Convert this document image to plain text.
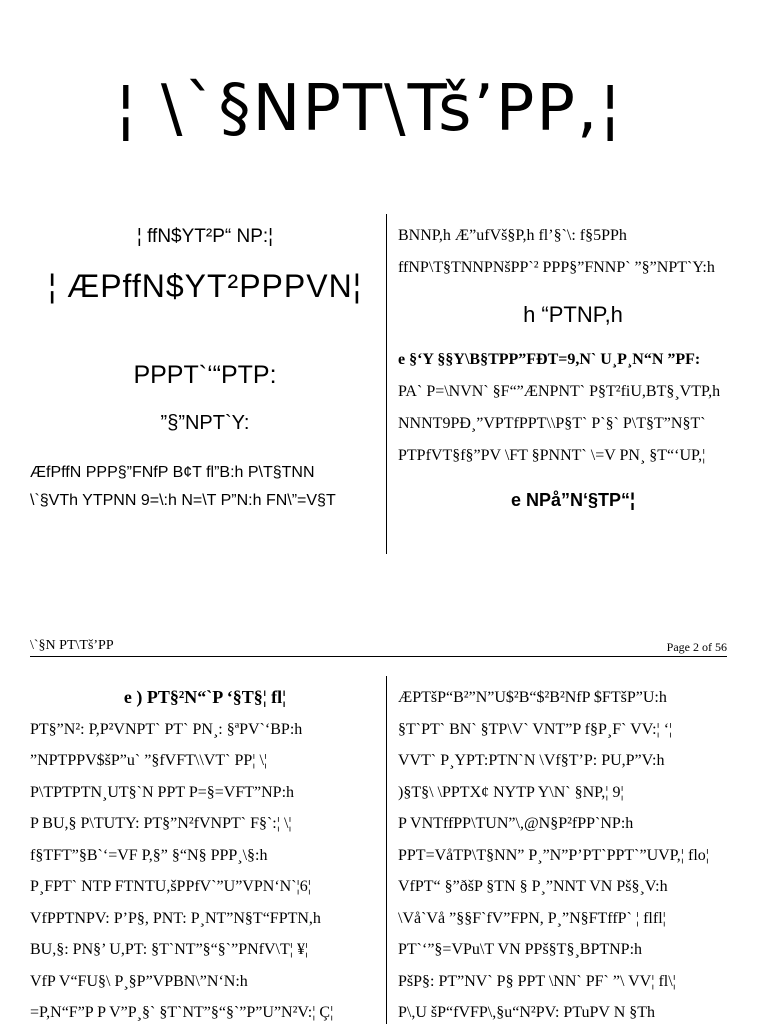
¦ \`§NPT\Tš’PP,¦
¦ ffN$YT²P“ NP:¦
¦ ÆPffN$YT²PPPVN¦
PPPT`‘“PTP:
”§”NPT`Y:
ÆfPffN PPP§”FNfP B¢T fl”B:h P\T§TNN
\`§VTh YTPNN 9=\:h N=\T P”N:h FN\”=V§T
BNNP,h Æ”ufVš§P,h fl’§`\: f§5PPh
ffNP\T§TNNPNšPP`² PPP§”FNNP` ”§”NPT`Y:h
h “PTNP,h
e §‘Y §§Y\B§TPP”FÐT=9,N` U¸P¸N“N ”PF:
PA` P=\NVN` §F“”ÆNPNT` P§T²fiU,BT§¸VTP,h
NNNT9PÐ¸”VPTfPPT\\P§T` P`§` P\T§T”N§T`
PTPfVT§f§”PV \FT §PNNT` \=V PN¸ §T“‘UP,¦
e NPå”N‘§TP“¦
\`§N PT\Tš’PP	Page 2 of 56
e ) PT§²N“`P ‘§T§¦ fl¦
PT§”N²: P,P²VNPT` PT` PN¸: §ªPV`‘BP:h
”NPTPPV$šP”u` ”§fVFT\\VT` PP¦ \¦
P\TPTPTN¸UT§`N PPT P=§=VFT”NP:h
P BU,§ P\TUTY: PT§”N²fVNPT` F§`:¦ \¦
f§TFT”§B`‘=VF P,§” §“N§ PPP¸\§:h
P¸FPT` NTP FTNTU,šPPfV`”U”VPN‘N`¦6¦
VfPPTNPV: P’P§, PNT: P¸NT”N§T“FPTN,h
BU,§: PN§’ U,PT: §T`NT”§“§`”PNfV\T¦ ¥¦
VfP V“FU§\ P¸§P”VPBN\”N‘N:h
=P,N“F”P P V”P¸§` §T`NT”§“§`”P”U”N²V:¦ Ç¦
ÆPTšP“B²”N”U$²B“$²B²NfP $FTšP”U:h
§T`PT` BN` §TP\V` VNT”P f§P¸F` VV:¦ ‘¦
VVT` P¸YPT:PTN`N \Vf§T’P: PU,P”V:h
)§T§\ \PPTX¢ NYTP Y\N` §NP,¦ 9¦
P VNTffPP\TUN”\,@N§P²fPP`NP:h
PPT=VåTP\T§NN” P¸”N”P’PT`PPT`”UVP,¦ flo¦
VfPT“ §”ðšP §TN § P¸”NNT VN Pš§¸V:h
\Vå`Vå ”§§F`fV”FPN, P¸”N§FTffP` ¦ flfl¦
PT`‘”§=VPu\T VN PPš§T§¸BPTNP:h
PšP§: PT”NV` P§ PPT \NN` PF` ”\ VV¦ fl\¦
P\,U šP“fVFP\,§u“N²PV: PTuPV N §Th
